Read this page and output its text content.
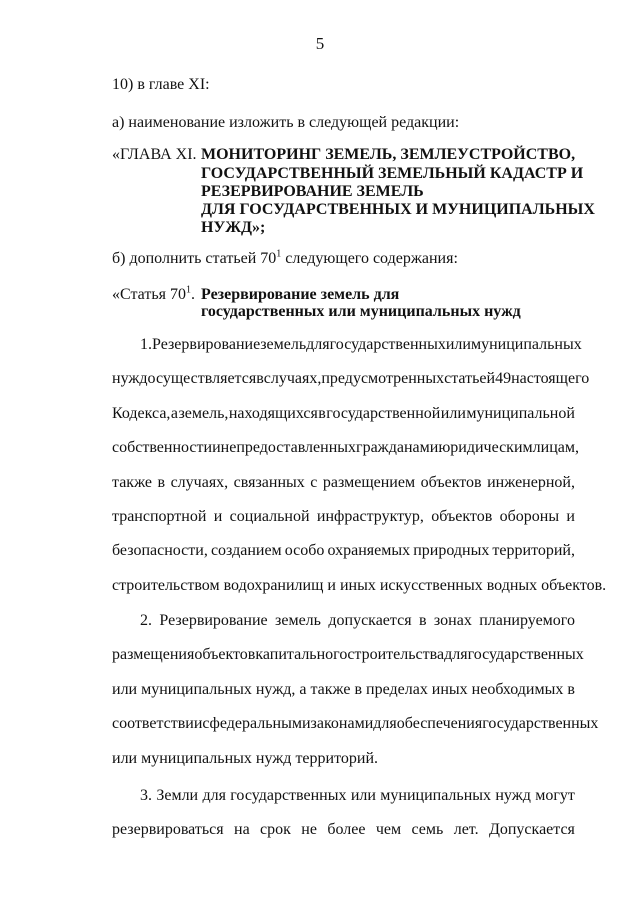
5
10) в главе XI:
а) наименование изложить в следующей редакции:
«ГЛАВА XI. МОНИТОРИНГ ЗЕМЕЛЬ, ЗЕМЛЕУСТРОЙСТВО,
ГОСУДАРСТВЕННЫЙ ЗЕМЕЛЬНЫЙ КАДАСТР И
РЕЗЕРВИРОВАНИЕ ЗЕМЕЛЬ
ДЛЯ ГОСУДАРСТВЕННЫХ И МУНИЦИПАЛЬНЫХ
НУЖД»;
б) дополнить статьей $70^1$ следующего содержания:
«Статья $70^1$. Резервирование земель для
государственных или муниципальных нужд
1. Резервирование земель для государственных или муниципальных
нужд осуществляется в случаях, предусмотренных статьей 49 настоящего
Кодекса, а земель, находящихся в государственной или муниципальной
собственности и не предоставленных гражданам и юридическим лицам,
также в случаях, связанных с размещением объектов инженерной,
транспортной и социальной инфраструктур, объектов обороны и
безопасности, созданием особо охраняемых природных территорий,
строительством водохранилищ и иных искусственных водных объектов.
2. Резервирование земель допускается в зонах планируемого
размещения объектов капитального строительства для государственных
или муниципальных нужд, а также в пределах иных необходимых в
соответствии с федеральными законами для обеспечения государственных
или муниципальных нужд территорий.
3. Земли для государственных или муниципальных нужд могут
резервироваться на срок не более чем семь лет. Допускается
